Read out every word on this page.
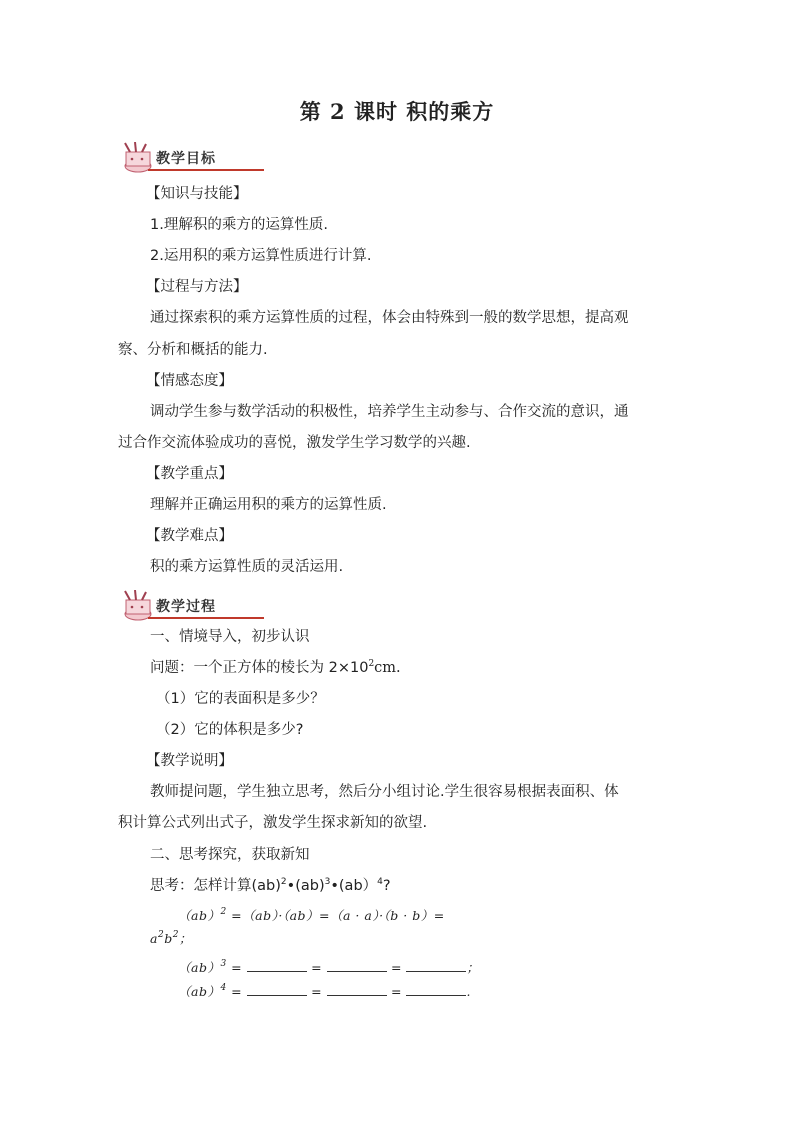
第 2 课时 积的乘方
教学目标
【知识与技能】
1.理解积的乘方的运算性质.
2.运用积的乘方运算性质进行计算.
【过程与方法】
通过探索积的乘方运算性质的过程，体会由特殊到一般的数学思想，提高观
察、分析和概括的能力.
【情感态度】
调动学生参与数学活动的积极性，培养学生主动参与、合作交流的意识，通
过合作交流体验成功的喜悦，激发学生学习数学的兴趣.
【教学重点】
理解并正确运用积的乘方的运算性质.
【教学难点】
积的乘方运算性质的灵活运用.
教学过程
一、情境导入，初步认识
问题：一个正方体的棱长为 $2\times 10^2cm$.
（1）它的表面积是多少？
（2）它的体积是多少?
【教学说明】
教师提问题，学生独立思考，然后分小组讨论.学生很容易根据表面积、体
积计算公式列出式子，激发学生探求新知的欲望.
二、思考探究，获取新知
思考：怎样计算(ab)$^2$•(ab)$^3$•(ab）$^4$?
（ab）$^2$ =（ab）·（ab）=（a · a）·（b · b）=
$a^2b^2$；
（ab）$^3$ =	=	=	；
（ab）$^4$ =	=	=	.
